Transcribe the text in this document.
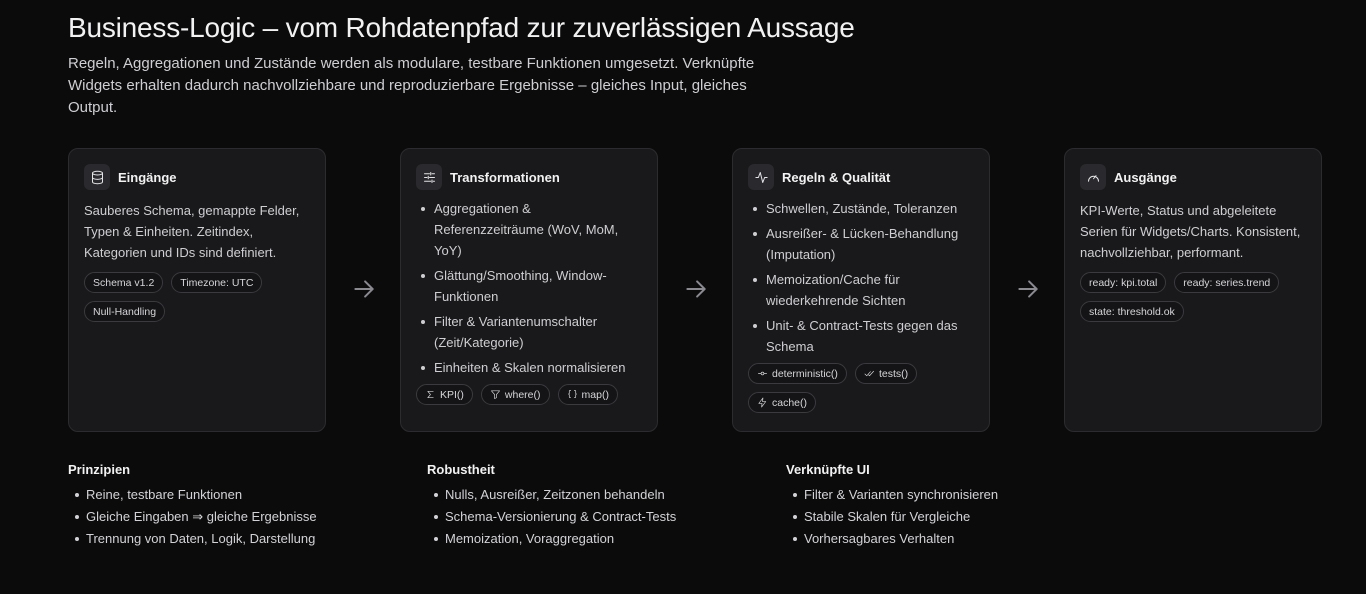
Business-Logic – vom Rohdatenpfad zur zuverlässigen Aussage

Regeln, Aggregationen und Zustände werden als modulare, testbare Funktionen umgesetzt. Verknüpfte Widgets erhalten dadurch nachvollziehbare und reproduzierbare Ergebnisse – gleiches Input, gleiches Output.

Eingänge

Sauberes Schema, gemappte Felder, Typen & Einheiten. Zeitindex, Kategorien und IDs sind definiert.

Schema v1.2	Timezone: UTC
Null-Handling
Transformationen
Aggregationen & Referenzzeiträume (WoV, MoM, YoY)
Glättung/Smoothing, Window-Funktionen
Filter & Variantenumschalter (Zeit/Kategorie)
Einheiten & Skalen normalisieren
KPI()	where()	map()
Regeln & Qualität
Schwellen, Zustände, Toleranzen
Ausreißer- & Lücken-Behandlung (Imputation)
Memoization/Cache für wiederkehrende Sichten
Unit- & Contract-Tests gegen das Schema
deterministic()	tests()
cache()
Ausgänge

KPI-Werte, Status und abgeleitete Serien für Widgets/Charts. Konsistent, nachvollziehbar, performant.

ready: kpi.total	ready: series.trend
state: threshold.ok
Prinzipien
Reine, testbare Funktionen
Gleiche Eingaben ⇒ gleiche Ergebnisse
Trennung von Daten, Logik, Darstellung
Robustheit
Nulls, Ausreißer, Zeitzonen behandeln
Schema-Versionierung & Contract-Tests
Memoization, Voraggregation
Verknüpfte UI
Filter & Varianten synchronisieren
Stabile Skalen für Vergleiche
Vorhersagbares Verhalten
